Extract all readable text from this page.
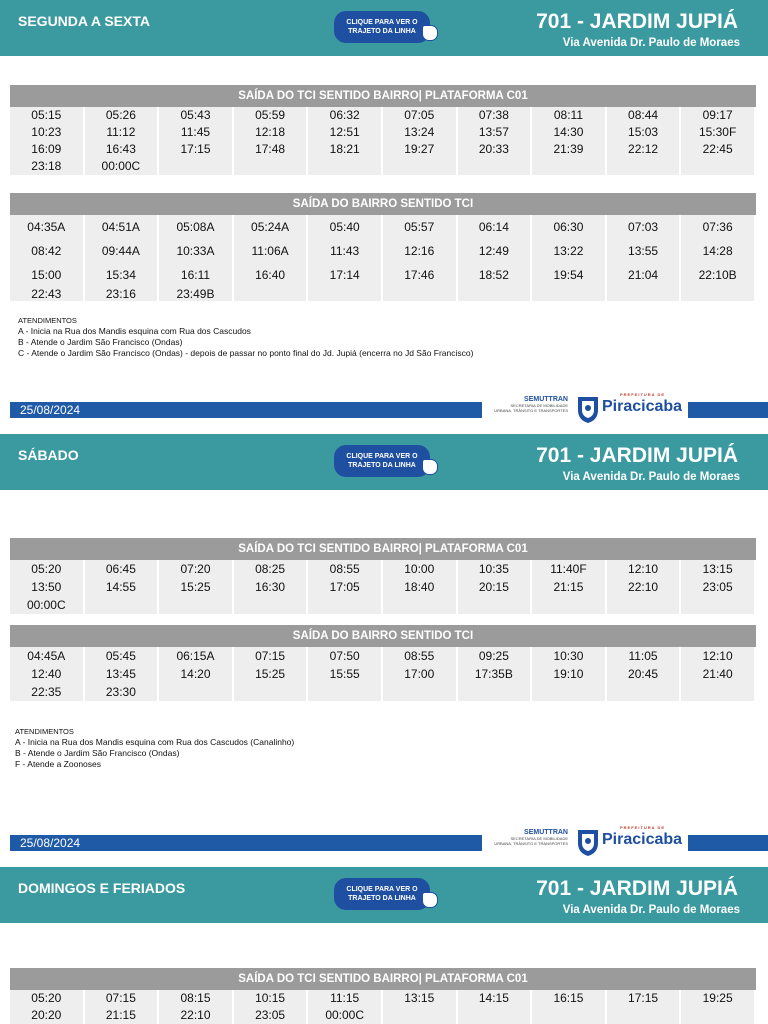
SEGUNDA A SEXTA	CLIQUE PARA VER O
TRAJETO DA LINHA	701 - JARDIM JUPIÁ
Via Avenida Dr. Paulo de Moraes
SAÍDA DO TCI SENTIDO BAIRRO| PLATAFORMA C01
05:15	05:26	05:43	05:59	06:32	07:05	07:38	08:11	08:44	09:17
10:23	11:12	11:45	12:18	12:51	13:24	13:57	14:30	15:03	15:30F
16:09	16:43	17:15	17:48	18:21	19:27	20:33	21:39	22:12	22:45
23:18	00:00C
SAÍDA DO BAIRRO SENTIDO TCI
04:35A	04:51A	05:08A	05:24A	05:40	05:57	06:14	06:30	07:03	07:36
08:42	09:44A	10:33A	11:06A	11:43	12:16	12:49	13:22	13:55	14:28
15:00	15:34	16:11	16:40	17:14	17:46	18:52	19:54	21:04	22:10B
22:43	23:16	23:49B
ATENDIMENTOS
A - Inicia na Rua dos Mandis esquina com Rua dos Cascudos
B - Atende o Jardim São Francisco (Ondas)
C - Atende o Jardim São Francisco (Ondas) - depois de passar no ponto final do Jd. Jupiá (encerra no Jd São Francisco)
25/08/2024
SEMUTTRAN
SECRETARIA DE MOBILIDADE URBANA, TRÂNSITO E TRANSPORTES
PREFEITURA DE
Piracicaba
SÁBADO	CLIQUE PARA VER O
TRAJETO DA LINHA	701 - JARDIM JUPIÁ
Via Avenida Dr. Paulo de Moraes
SAÍDA DO TCI SENTIDO BAIRRO| PLATAFORMA C01
05:20	06:45	07:20	08:25	08:55	10:00	10:35	11:40F	12:10	13:15
13:50	14:55	15:25	16:30	17:05	18:40	20:15	21:15	22:10	23:05
00:00C
SAÍDA DO BAIRRO SENTIDO TCI
04:45A	05:45	06:15A	07:15	07:50	08:55	09:25	10:30	11:05	12:10
12:40	13:45	14:20	15:25	15:55	17:00	17:35B	19:10	20:45	21:40
22:35	23:30
ATENDIMENTOS
A - Inicia na Rua dos Mandis esquina com Rua dos Cascudos (Canalinho)
B - Atende o Jardim São Francisco (Ondas)
F - Atende a Zoonoses
25/08/2024
SEMUTTRAN
SECRETARIA DE MOBILIDADE URBANA, TRÂNSITO E TRANSPORTES
PREFEITURA DE
Piracicaba
DOMINGOS E FERIADOS	CLIQUE PARA VER O
TRAJETO DA LINHA	701 - JARDIM JUPIÁ
Via Avenida Dr. Paulo de Moraes
SAÍDA DO TCI SENTIDO BAIRRO| PLATAFORMA C01
05:20	07:15	08:15	10:15	11:15	13:15	14:15	16:15	17:15	19:25
20:20	21:15	22:10	23:05	00:00C
